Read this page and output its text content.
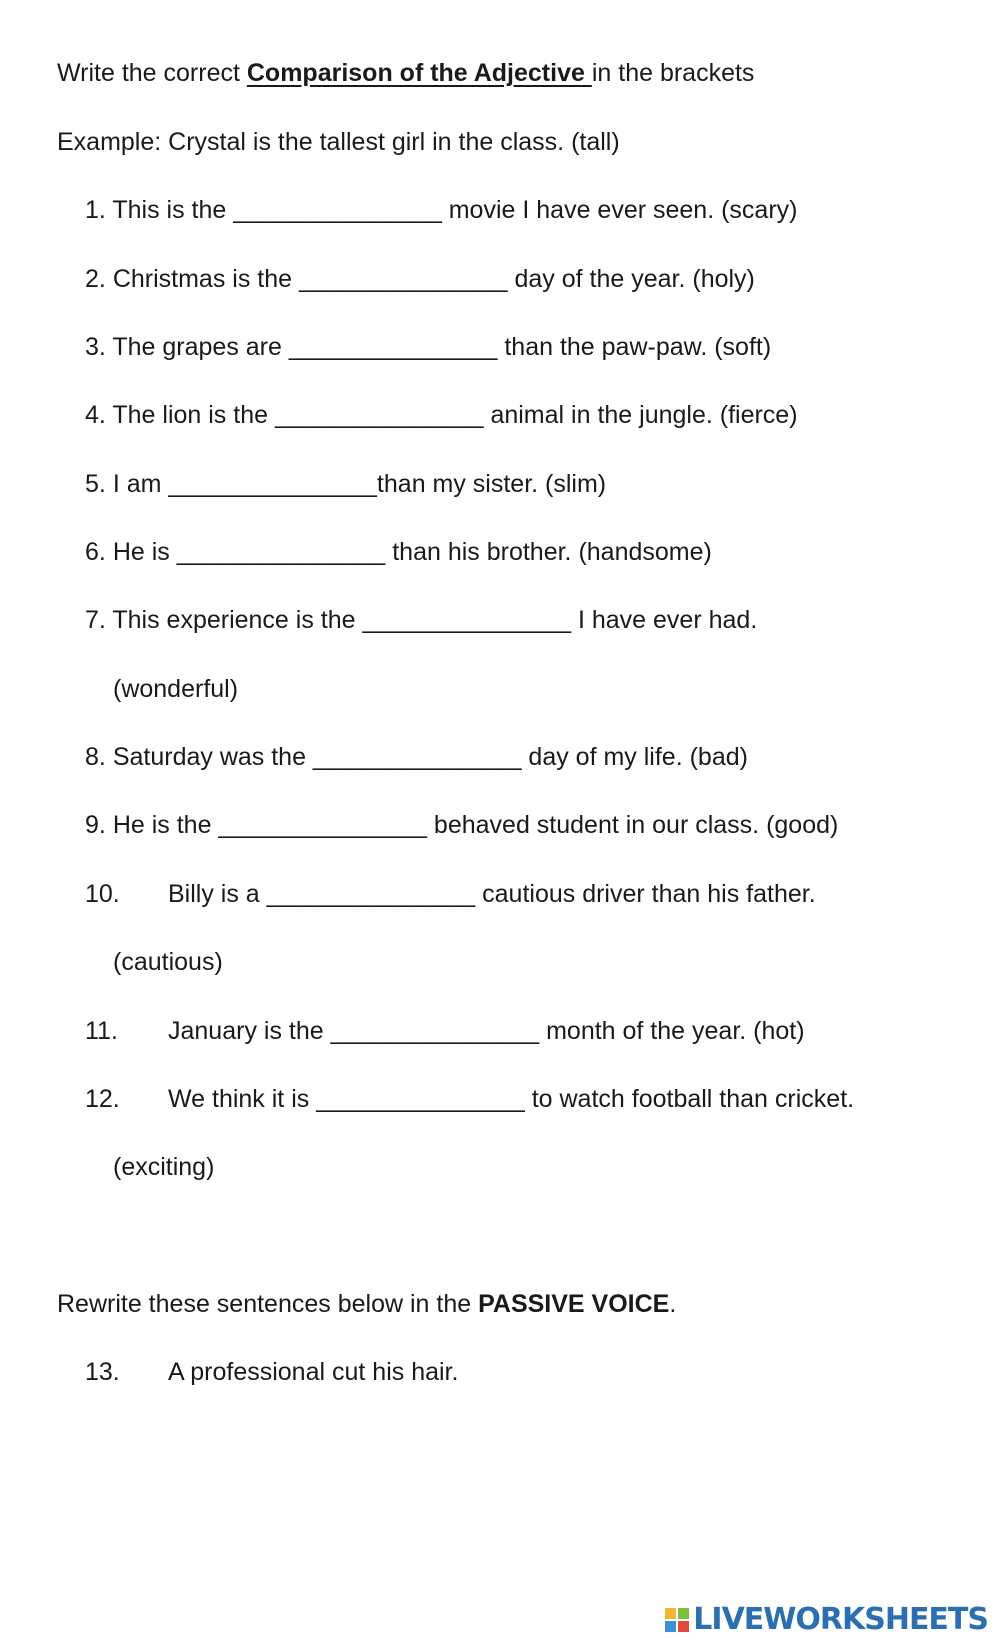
Write the correct Comparison of the Adjective in the brackets
Example: Crystal is the tallest girl in the class. (tall)
1. This is the _______________ movie I have ever seen. (scary)
2. Christmas is the _______________ day of the year. (holy)
3. The grapes are _______________ than the paw-paw. (soft)
4. The lion is the _______________ animal in the jungle. (fierce)
5. I am _______________than my sister. (slim)
6. He is _______________ than his brother. (handsome)
7. This experience is the _______________ I have ever had.
(wonderful)
8. Saturday was the _______________ day of my life. (bad)
9. He is the _______________ behaved student in our class. (good)
10. Billy is a _______________ cautious driver than his father.
(cautious)
11. January is the _______________ month of the year. (hot)
12. We think it is _______________ to watch football than cricket.
(exciting)
Rewrite these sentences below in the PASSIVE VOICE.
13. A professional cut his hair.
LIVEWORKSHEETS
